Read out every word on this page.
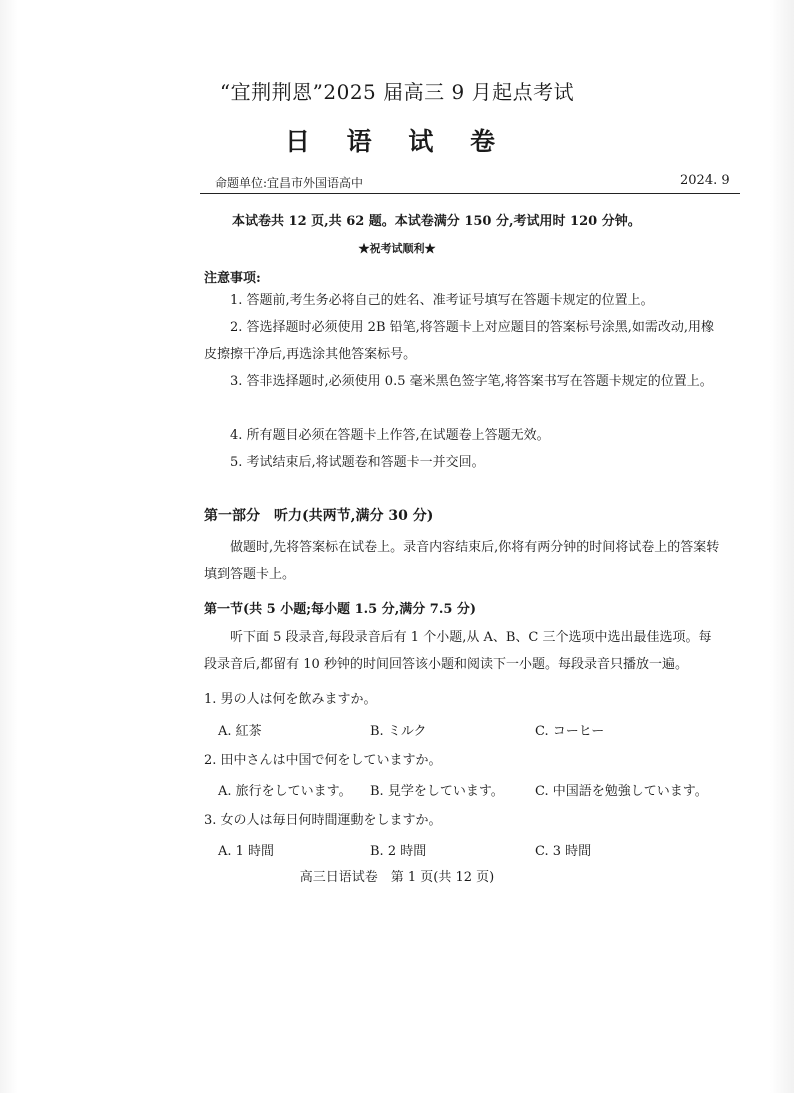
“宜荆荆恩”2025 届高三 9 月起点考试
日 语 试 卷
命题单位:宜昌市外国语高中	2024. 9
本试卷共 12 页,共 62 题。本试卷满分 150 分,考试用时 120 分钟。
★祝考试顺利★
注意事项:
1. 答题前,考生务必将自己的姓名、准考证号填写在答题卡规定的位置上。
2. 答选择题时必须使用 2B 铅笔,将答题卡上对应题目的答案标号涂黑,如需改动,用橡皮擦擦干净后,再选涂其他答案标号。
3. 答非选择题时,必须使用 0.5 毫米黑色签字笔,将答案书写在答题卡规定的位置上。
4. 所有题目必须在答题卡上作答,在试题卷上答题无效。
5. 考试结束后,将试题卷和答题卡一并交回。
第一部分　听力(共两节,满分 30 分)
做题时,先将答案标在试卷上。录音内容结束后,你将有两分钟的时间将试卷上的答案转填到答题卡上。
第一节(共 5 小题;每小题 1.5 分,满分 7.5 分)
听下面 5 段录音,每段录音后有 1 个小题,从 A、B、C 三个选项中选出最佳选项。每段录音后,都留有 10 秒钟的时间回答该小题和阅读下一小题。每段录音只播放一遍。
1. 男の人は何を飲みますか。
A. 紅茶	B. ミルク	C. コーヒー
2. 田中さんは中国で何をしていますか。
A. 旅行をしています。 B. 見学をしています。 C. 中国語を勉強しています。
3. 女の人は毎日何時間運動をしますか。
A. 1 時間	B. 2 時間	C. 3 時間
高三日语试卷　第 1 页(共 12 页)
